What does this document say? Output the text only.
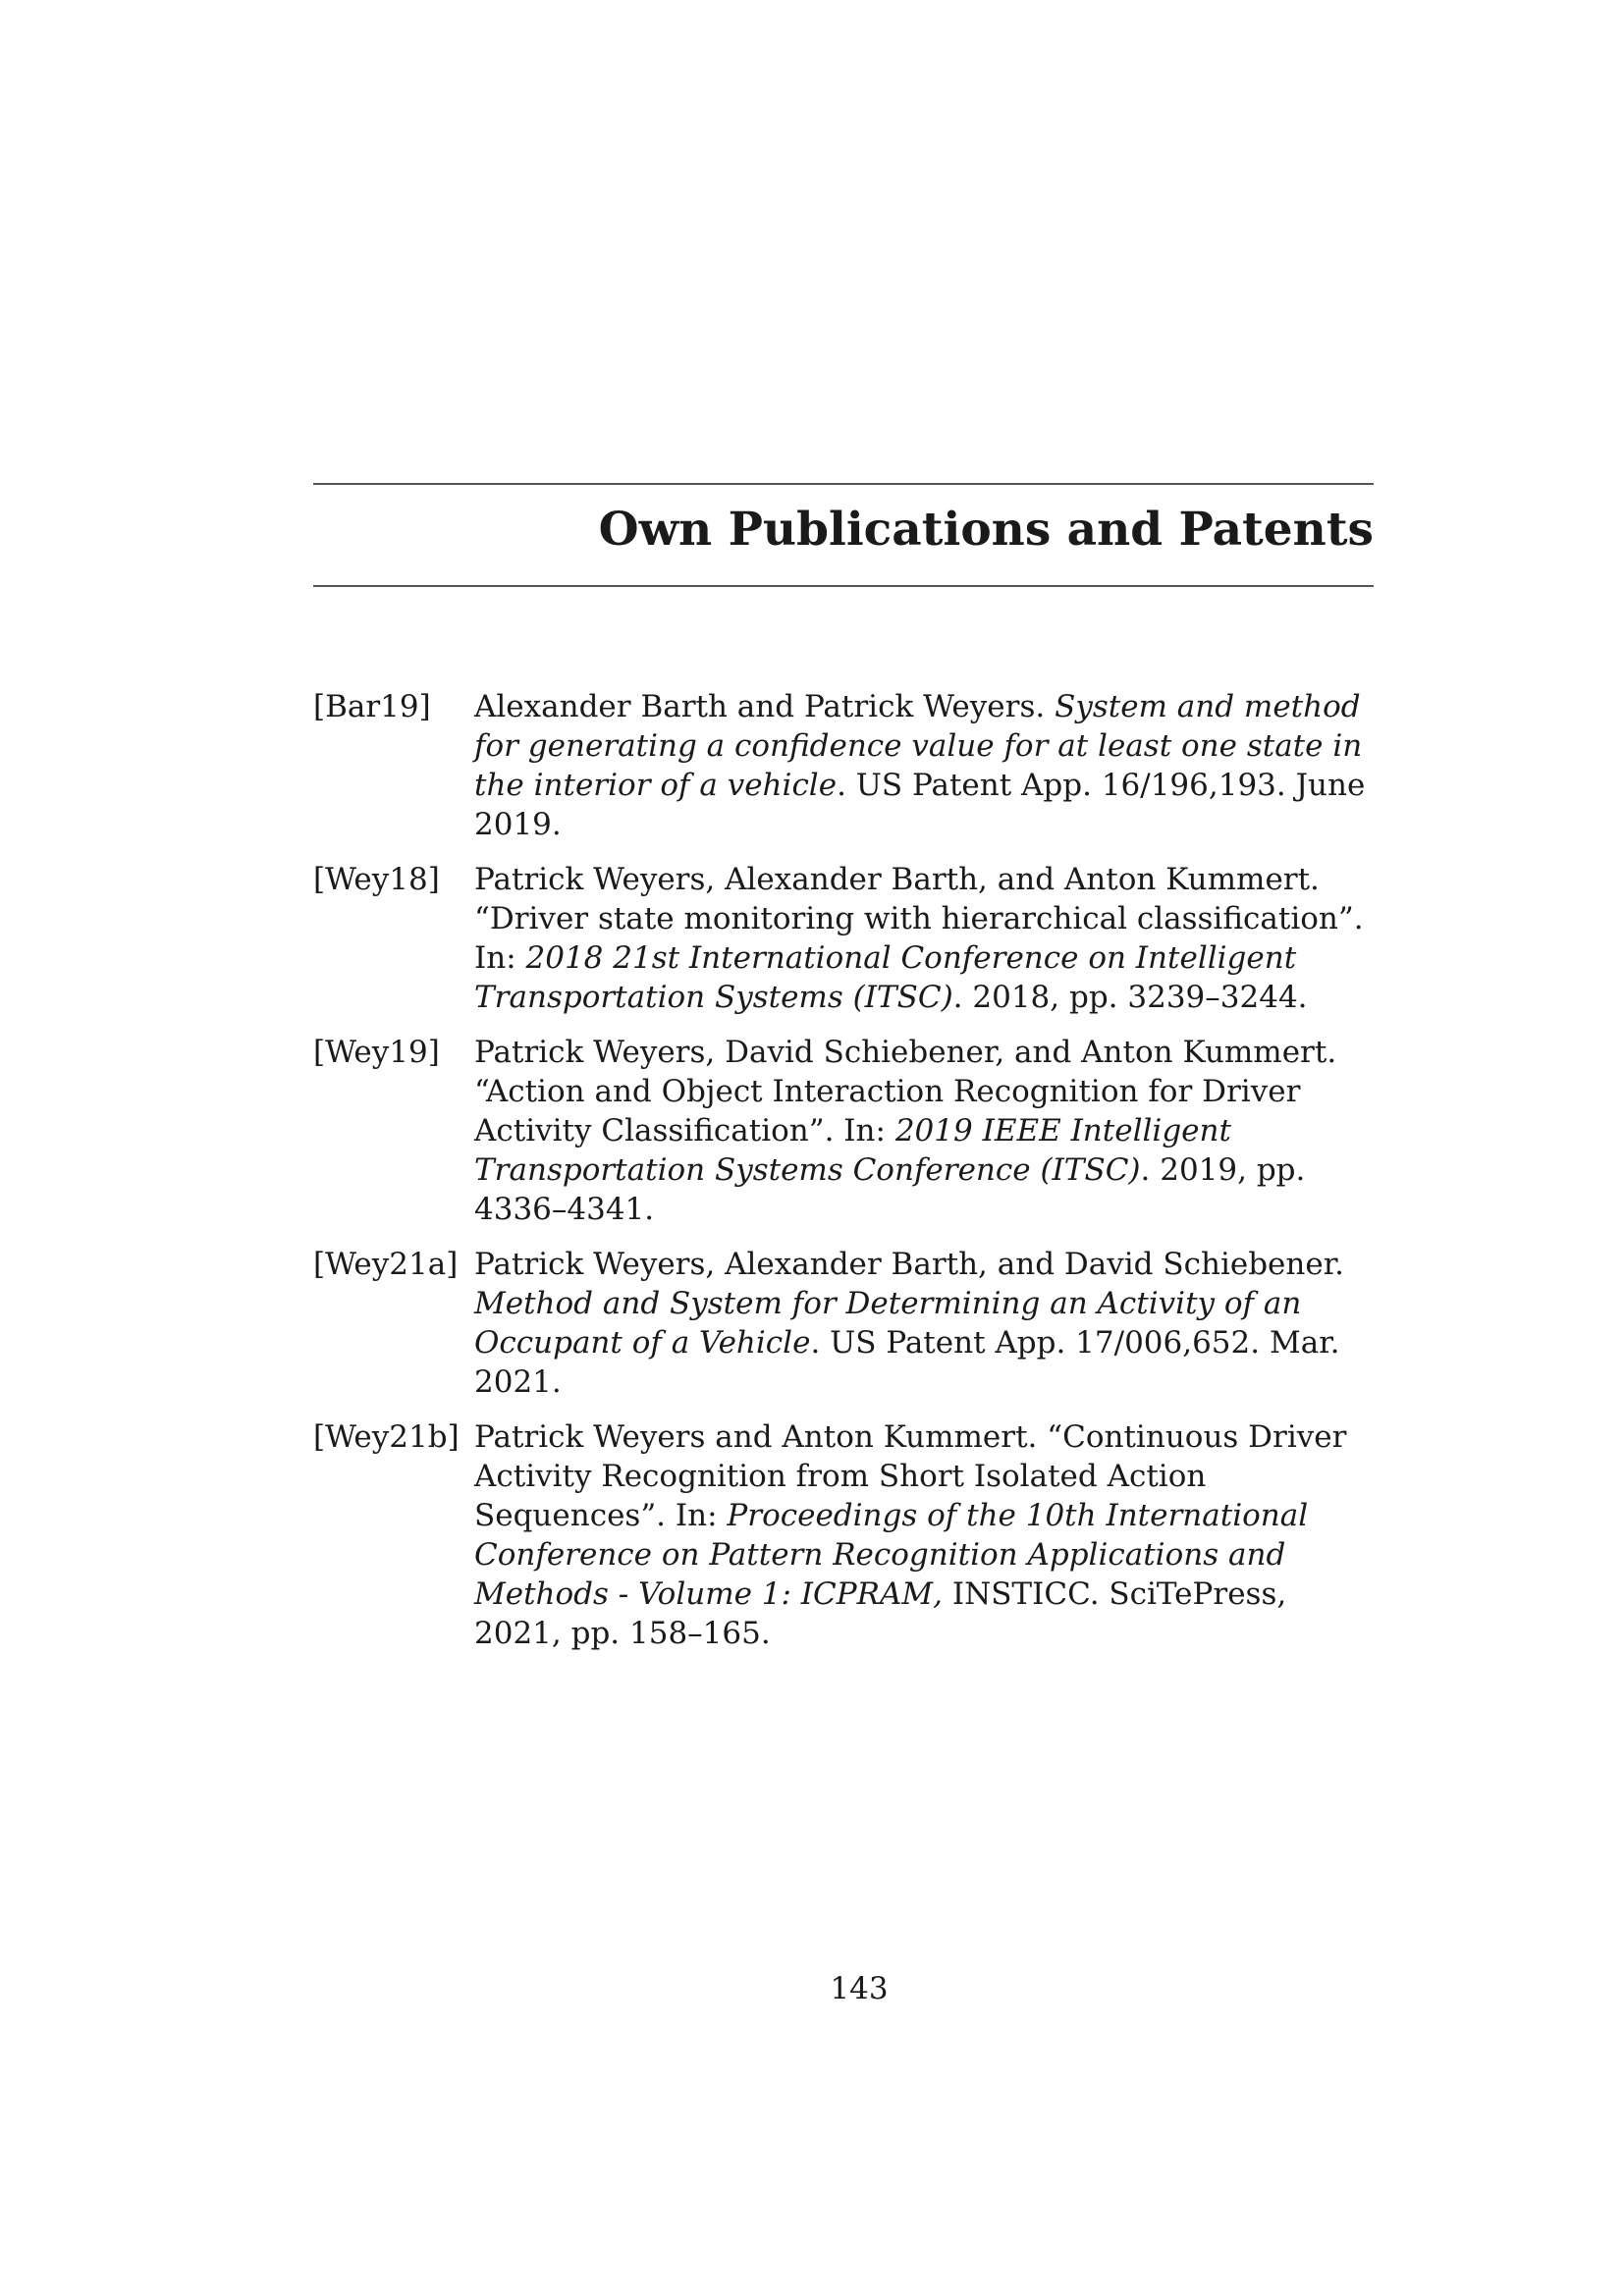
Own Publications and Patents
[Bar19] Alexander Barth and Patrick Weyers. System and method for generating a confidence value for at least one state in the interior of a vehicle. US Patent App. 16/196,193. June 2019.
[Wey18] Patrick Weyers, Alexander Barth, and Anton Kummert. “Driver state monitoring with hierarchical classification”. In: 2018 21st International Conference on Intelligent Transportation Systems (ITSC). 2018, pp. 3239–3244.
[Wey19] Patrick Weyers, David Schiebener, and Anton Kummert. “Action and Object Interaction Recognition for Driver Activity Classification”. In: 2019 IEEE Intelligent Transportation Systems Conference (ITSC). 2019, pp. 4336–4341.
[Wey21a] Patrick Weyers, Alexander Barth, and David Schiebener. Method and System for Determining an Activity of an Occupant of a Vehicle. US Patent App. 17/006,652. Mar. 2021.
[Wey21b] Patrick Weyers and Anton Kummert. “Continuous Driver Activity Recognition from Short Isolated Action Sequences”. In: Proceedings of the 10th International Conference on Pattern Recognition Applications and Methods - Volume 1: ICPRAM, INSTICC. SciTePress, 2021, pp. 158–165.
143
